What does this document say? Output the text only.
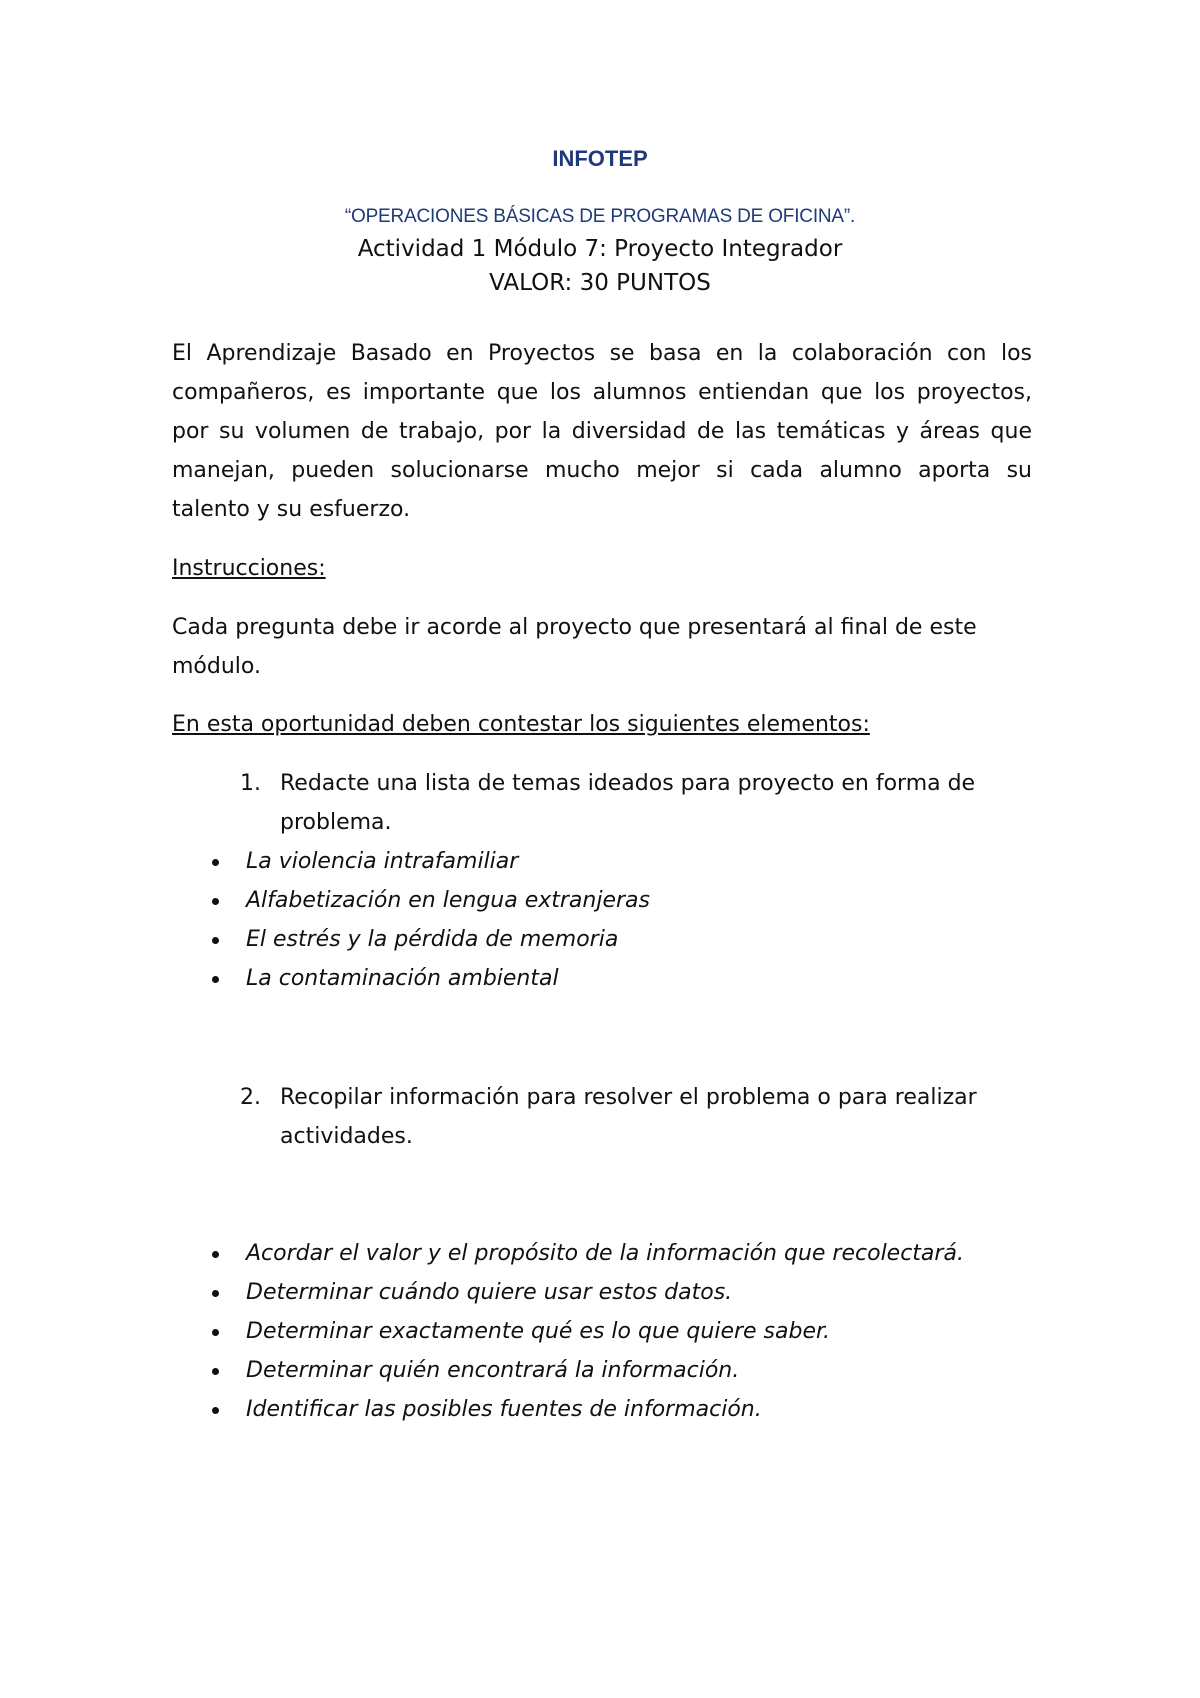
INFOTEP
“OPERACIONES BÁSICAS DE PROGRAMAS DE OFICINA”.
Actividad 1 Módulo 7: Proyecto Integrador
VALOR: 30 PUNTOS
El Aprendizaje Basado en Proyectos se basa en la colaboración con los compañeros, es importante que los alumnos entiendan que los proyectos, por su volumen de trabajo, por la diversidad de las temáticas y áreas que manejan, pueden solucionarse mucho mejor si cada alumno aporta su talento y su esfuerzo.
Instrucciones:
Cada pregunta debe ir acorde al proyecto que presentará al final de este módulo.
En esta oportunidad deben contestar los siguientes elementos:
1. Redacte una lista de temas ideados para proyecto en forma de problema.
La violencia intrafamiliar
Alfabetización en lengua extranjeras
El estrés y la pérdida de memoria
La contaminación ambiental
2. Recopilar información para resolver el problema o para realizar actividades.
Acordar el valor y el propósito de la información que recolectará.
Determinar cuándo quiere usar estos datos.
Determinar exactamente qué es lo que quiere saber.
Determinar quién encontrará la información.
Identificar las posibles fuentes de información.
